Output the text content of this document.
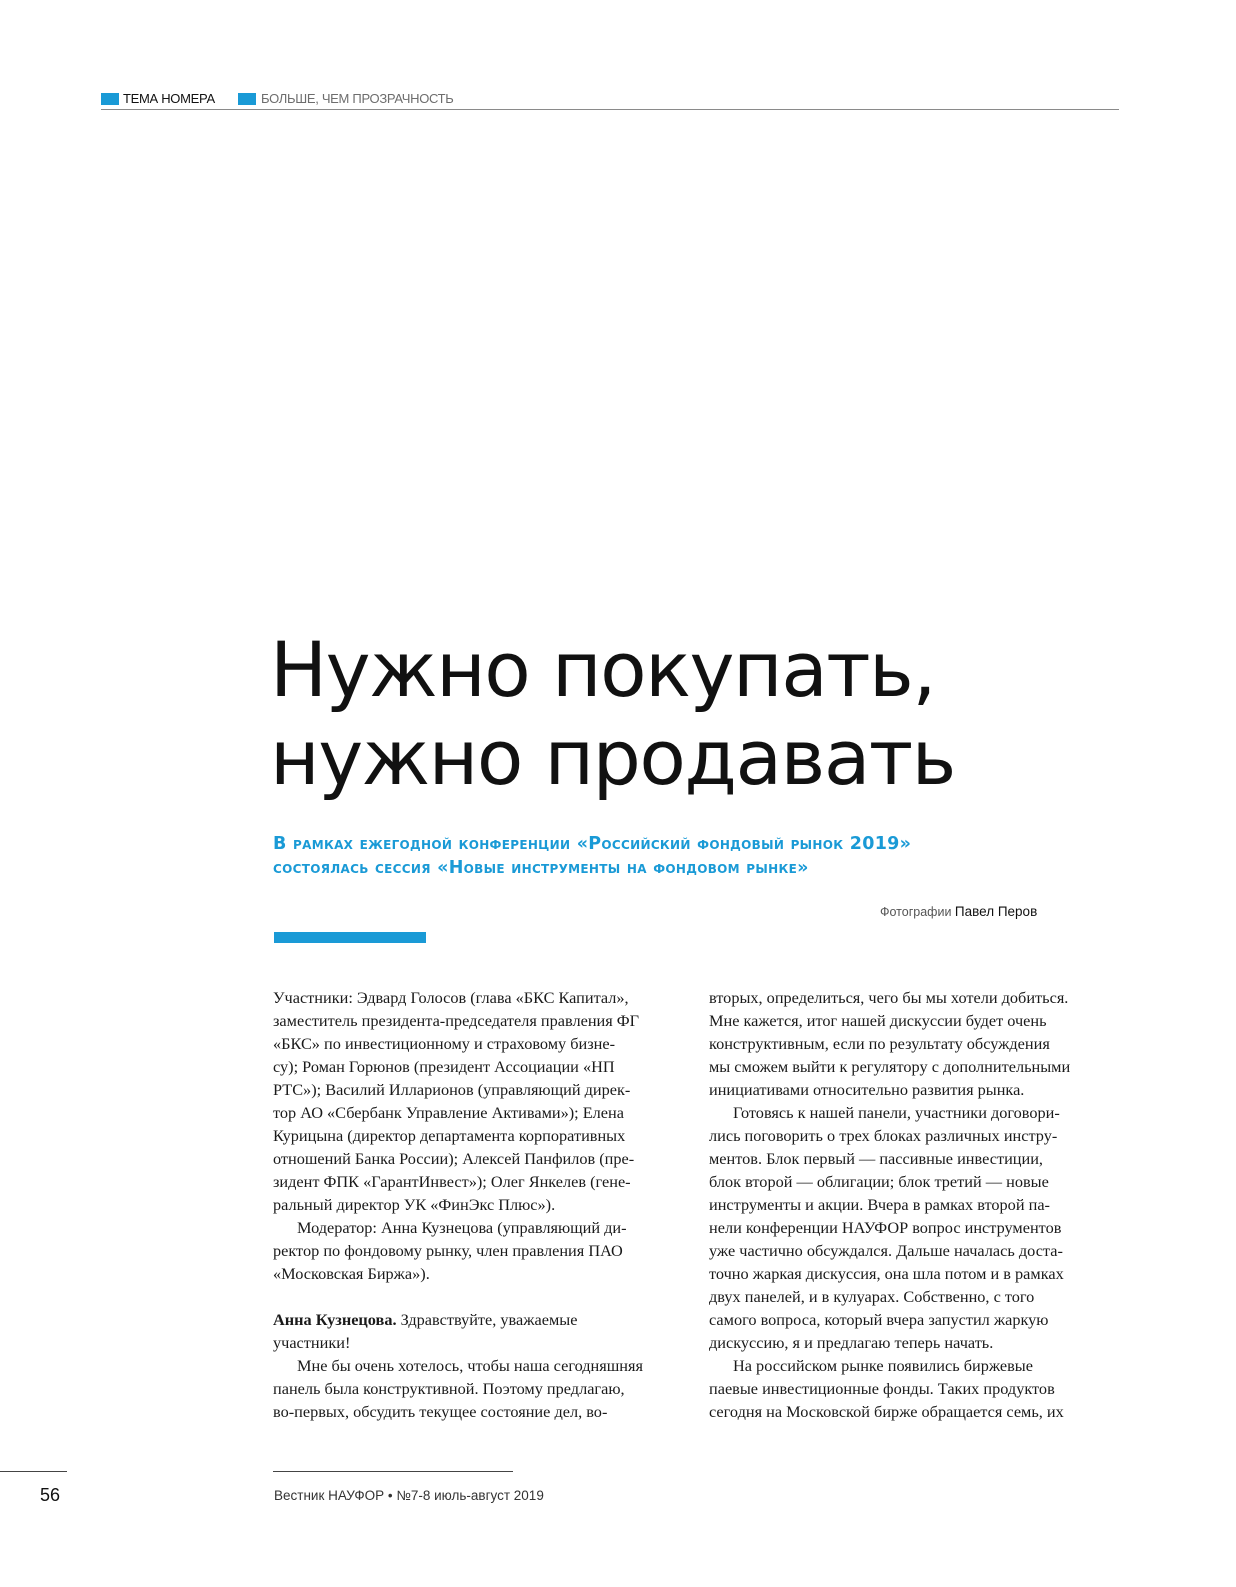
ТЕМА НОМЕРА	БОЛЬШЕ, ЧЕМ ПРОЗРАЧНОСТЬ
Нужно покупать,
нужно продавать

В рамках ежегодной конференции «Российский фондовый рынок 2019»
состоялась сессия «Новые инструменты на фондовом рынке»

Фотографии Павел Перов
Участники: Эдвард Голосов (глава «БКС Капитал»,
заместитель президента-председателя правления ФГ
«БКС» по инвестиционному и страховому бизне-
су); Роман Горюнов (президент Ассоциации «НП
РТС»); Василий Илларионов (управляющий дирек-
тор АО «Сбербанк Управление Активами»); Елена
Курицына (директор департамента корпоративных
отношений Банка России); Алексей Панфилов (пре-
зидент ФПК «ГарантИнвест»); Олег Янкелев (гене-
ральный директор УК «ФинЭкс Плюс»).
Модератор: Анна Кузнецова (управляющий ди-
ректор по фондовому рынку, член правления ПАО
«Московская Биржа»).
Анна Кузнецова. Здравствуйте, уважаемые
участники!
Мне бы очень хотелось, чтобы наша сегодняшняя
панель была конструктивной. Поэтому предлагаю,
во-первых, обсудить текущее состояние дел, во-
вторых, определиться, чего бы мы хотели добиться.
Мне кажется, итог нашей дискуссии будет очень
конструктивным, если по результату обсуждения
мы сможем выйти к регулятору с дополнительными
инициативами относительно развития рынка.
Готовясь к нашей панели, участники договори-
лись поговорить о трех блоках различных инстру-
ментов. Блок первый — пассивные инвестиции,
блок второй — облигации; блок третий — новые
инструменты и акции. Вчера в рамках второй па-
нели конференции НАУФОР вопрос инструментов
уже частично обсуждался. Дальше началась доста-
точно жаркая дискуссия, она шла потом и в рамках
двух панелей, и в кулуарах. Собственно, с того
самого вопроса, который вчера запустил жаркую
дискуссию, я и предлагаю теперь начать.
На российском рынке появились биржевые
паевые инвестиционные фонды. Таких продуктов
сегодня на Московской бирже обращается семь, их
56	Вестник НАУФОР • №7-8 июль-август 2019
